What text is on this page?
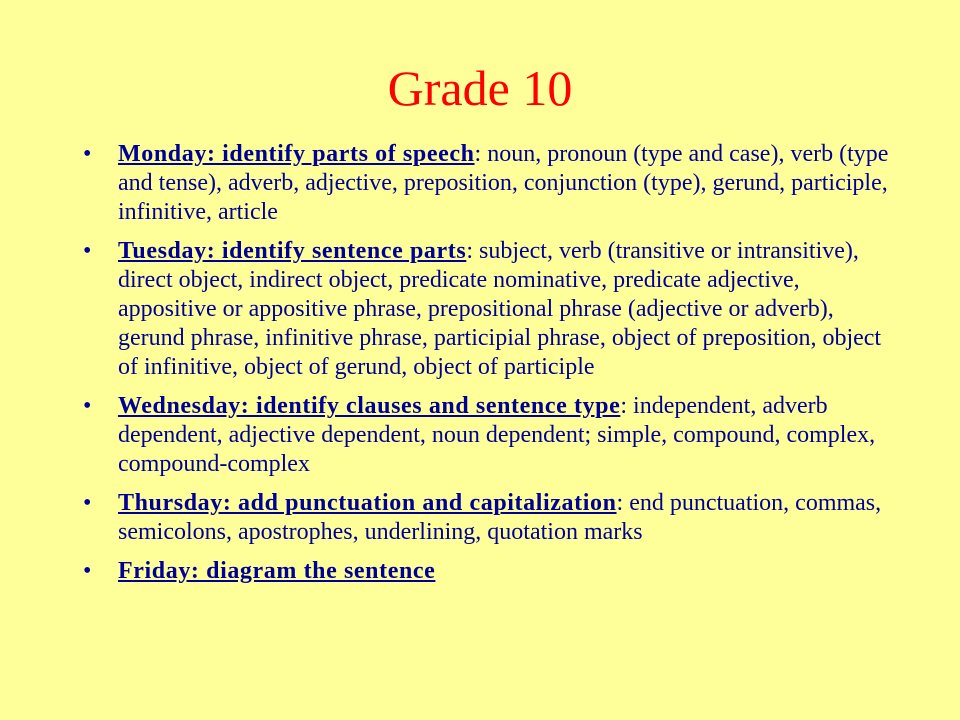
Grade 10
• Monday: identify parts of speech: noun, pronoun (type and case), verb (type and tense), adverb, adjective, preposition, conjunction (type), gerund, participle, infinitive, article
• Tuesday: identify sentence parts: subject, verb (transitive or intransitive), direct object, indirect object, predicate nominative, predicate adjective, appositive or appositive phrase, prepositional phrase (adjective or adverb), gerund phrase, infinitive phrase, participial phrase, object of preposition, object of infinitive, object of gerund, object of participle
• Wednesday: identify clauses and sentence type: independent, adverb dependent, adjective dependent, noun dependent; simple, compound, complex, compound-complex
• Thursday: add punctuation and capitalization: end punctuation, commas, semicolons, apostrophes, underlining, quotation marks
• Friday: diagram the sentence
